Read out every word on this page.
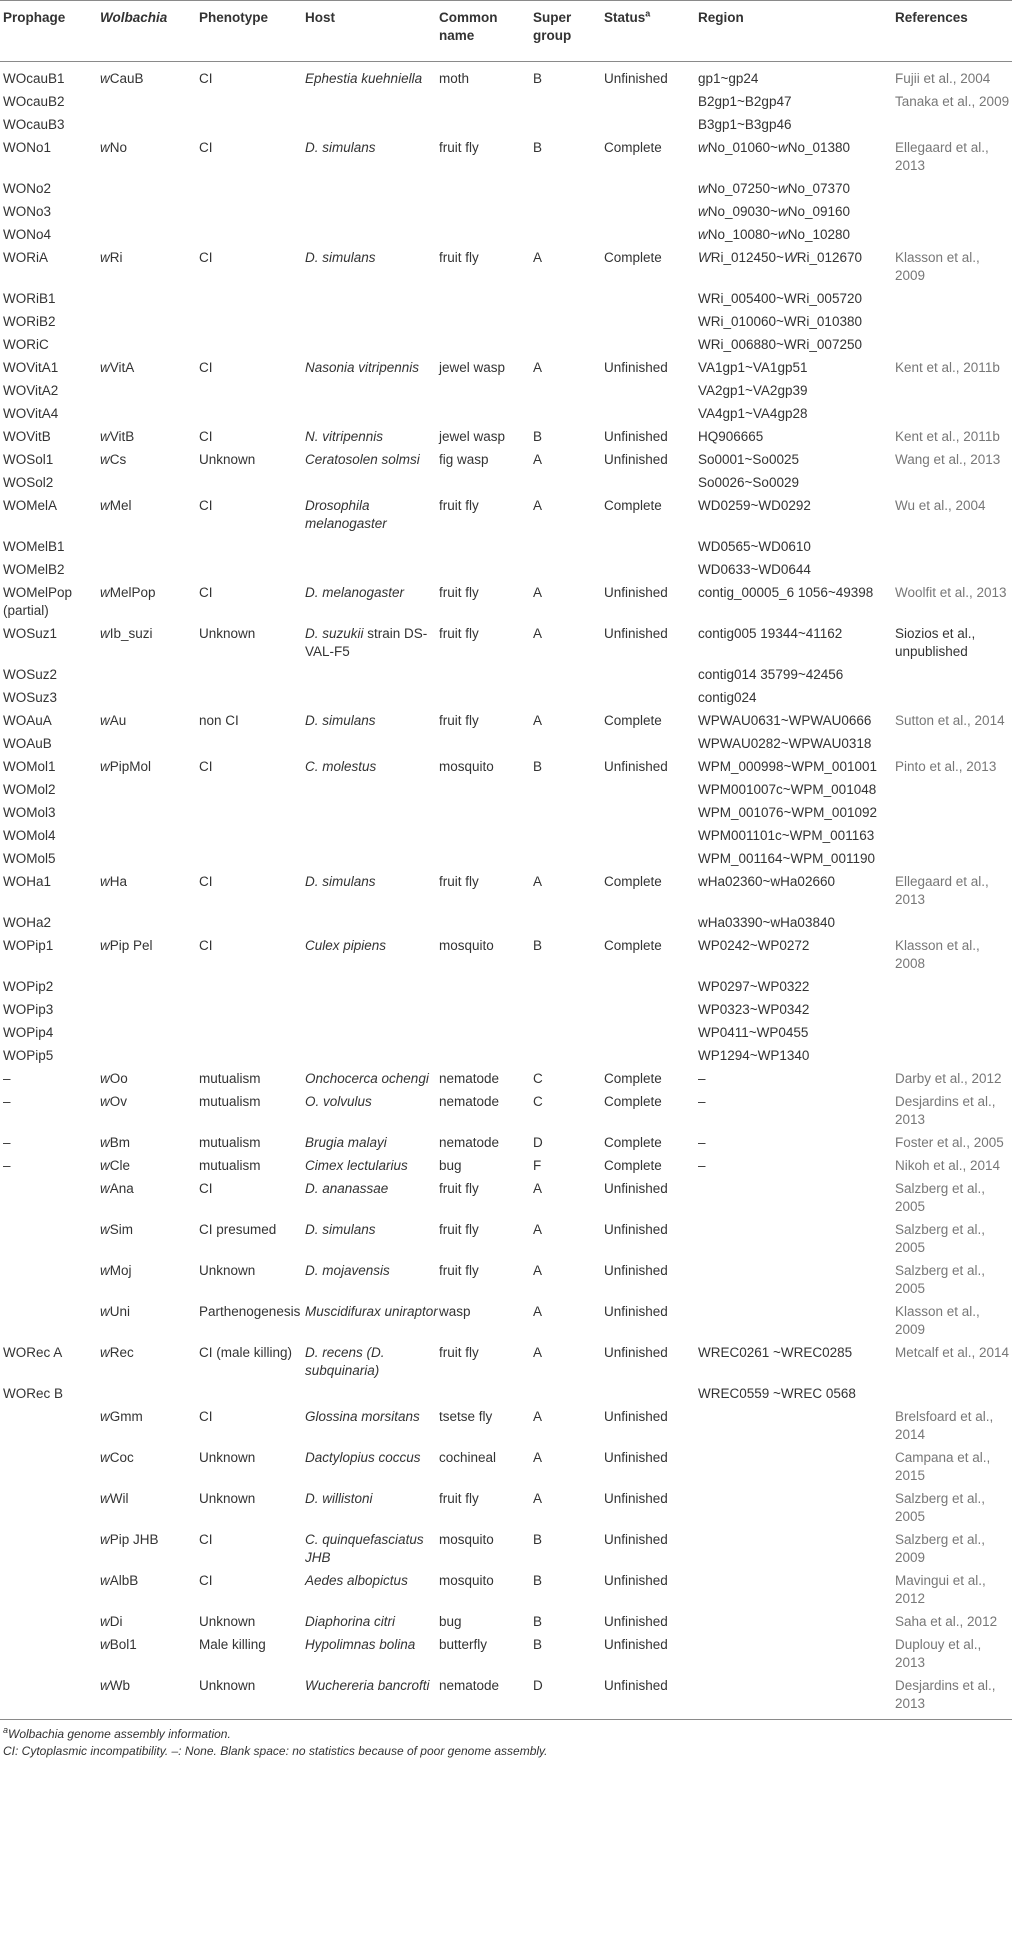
Prophage	Wolbachia	Phenotype	Host	Common name	Super group	Status$^a$	Region	References
WOcauB1	wCauB	CI	Ephestia kuehniella	moth	B	Unfinished	gp1~gp24	Fujii et al., 2004
WOcauB2							B2gp1~B2gp47	Tanaka et al., 2009
WOcauB3							B3gp1~B3gp46	
WONo1	wNo	CI	D. simulans	fruit fly	B	Complete	wNo_01060~wNo_01380	Ellegaard et al., 2013
WONo2							wNo_07250~wNo_07370	
WONo3							wNo_09030~wNo_09160	
WONo4							wNo_10080~wNo_10280	
WORiA	wRi	CI	D. simulans	fruit fly	A	Complete	WRi_012450~WRi_012670	Klasson et al., 2009
WORiB1							WRi_005400~WRi_005720	
WORiB2							WRi_010060~WRi_010380	
WORiC							WRi_006880~WRi_007250	
WOVitA1	wVitA	CI	Nasonia vitripennis	jewel wasp	A	Unfinished	VA1gp1~VA1gp51	Kent et al., 2011b
WOVitA2							VA2gp1~VA2gp39	
WOVitA4							VA4gp1~VA4gp28	
WOVitB	wVitB	CI	N. vitripennis	jewel wasp	B	Unfinished	HQ906665	Kent et al., 2011b
WOSol1	wCs	Unknown	Ceratosolen solmsi	fig wasp	A	Unfinished	So0001~So0025	Wang et al., 2013
WOSol2							So0026~So0029	
WOMelA	wMel	CI	Drosophila melanogaster	fruit fly	A	Complete	WD0259~WD0292	Wu et al., 2004
WOMelB1							WD0565~WD0610	
WOMelB2							WD0633~WD0644	
WOMelPop (partial)	wMelPop	CI	D. melanogaster	fruit fly	A	Unfinished	contig_00005_6 1056~49398	Woolfit et al., 2013
WOSuz1	wIb_suzi	Unknown	D. suzukii strain DS-VAL-F5	fruit fly	A	Unfinished	contig005 19344~41162	Siozios et al., unpublished
WOSuz2							contig014 35799~42456	
WOSuz3							contig024	
WOAuA	wAu	non CI	D. simulans	fruit fly	A	Complete	WPWAU0631~WPWAU0666	Sutton et al., 2014
WOAuB							WPWAU0282~WPWAU0318	
WOMol1	wPipMol	CI	C. molestus	mosquito	B	Unfinished	WPM_000998~WPM_001001	Pinto et al., 2013
WOMol2							WPM001007c~WPM_001048	
WOMol3							WPM_001076~WPM_001092	
WOMol4							WPM001101c~WPM_001163	
WOMol5							WPM_001164~WPM_001190	
WOHa1	wHa	CI	D. simulans	fruit fly	A	Complete	wHa02360~wHa02660	Ellegaard et al., 2013
WOHa2							wHa03390~wHa03840	
WOPip1	wPip Pel	CI	Culex pipiens	mosquito	B	Complete	WP0242~WP0272	Klasson et al., 2008
WOPip2							WP0297~WP0322	
WOPip3							WP0323~WP0342	
WOPip4							WP0411~WP0455	
WOPip5							WP1294~WP1340	
–	wOo	mutualism	Onchocerca ochengi	nematode	C	Complete	–	Darby et al., 2012
–	wOv	mutualism	O. volvulus	nematode	C	Complete	–	Desjardins et al., 2013
–	wBm	mutualism	Brugia malayi	nematode	D	Complete	–	Foster et al., 2005
–	wCle	mutualism	Cimex lectularius	bug	F	Complete	–	Nikoh et al., 2014
	wAna	CI	D. ananassae	fruit fly	A	Unfinished		Salzberg et al., 2005
	wSim	CI presumed	D. simulans	fruit fly	A	Unfinished		Salzberg et al., 2005
	wMoj	Unknown	D. mojavensis	fruit fly	A	Unfinished		Salzberg et al., 2005
	wUni	Parthenogenesis	Muscidifurax uniraptor	wasp	A	Unfinished		Klasson et al., 2009
WORec A	wRec	CI (male killing)	D. recens (D. subquinaria)	fruit fly	A	Unfinished	WREC0261 ~WREC0285	Metcalf et al., 2014
WORec B							WREC0559 ~WREC 0568	
	wGmm	CI	Glossina morsitans	tsetse fly	A	Unfinished		Brelsfoard et al., 2014
	wCoc	Unknown	Dactylopius coccus	cochineal	A	Unfinished		Campana et al., 2015
	wWil	Unknown	D. willistoni	fruit fly	A	Unfinished		Salzberg et al., 2005
	wPip JHB	CI	C. quinquefasciatus JHB	mosquito	B	Unfinished		Salzberg et al., 2009
	wAlbB	CI	Aedes albopictus	mosquito	B	Unfinished		Mavingui et al., 2012
	wDi	Unknown	Diaphorina citri	bug	B	Unfinished		Saha et al., 2012
	wBol1	Male killing	Hypolimnas bolina	butterfly	B	Unfinished		Duplouy et al., 2013
	wWb	Unknown	Wuchereria bancrofti	nematode	D	Unfinished		Desjardins et al., 2013
$^a$Wolbachia genome assembly information.
CI: Cytoplasmic incompatibility. –: None. Blank space: no statistics because of poor genome assembly.
